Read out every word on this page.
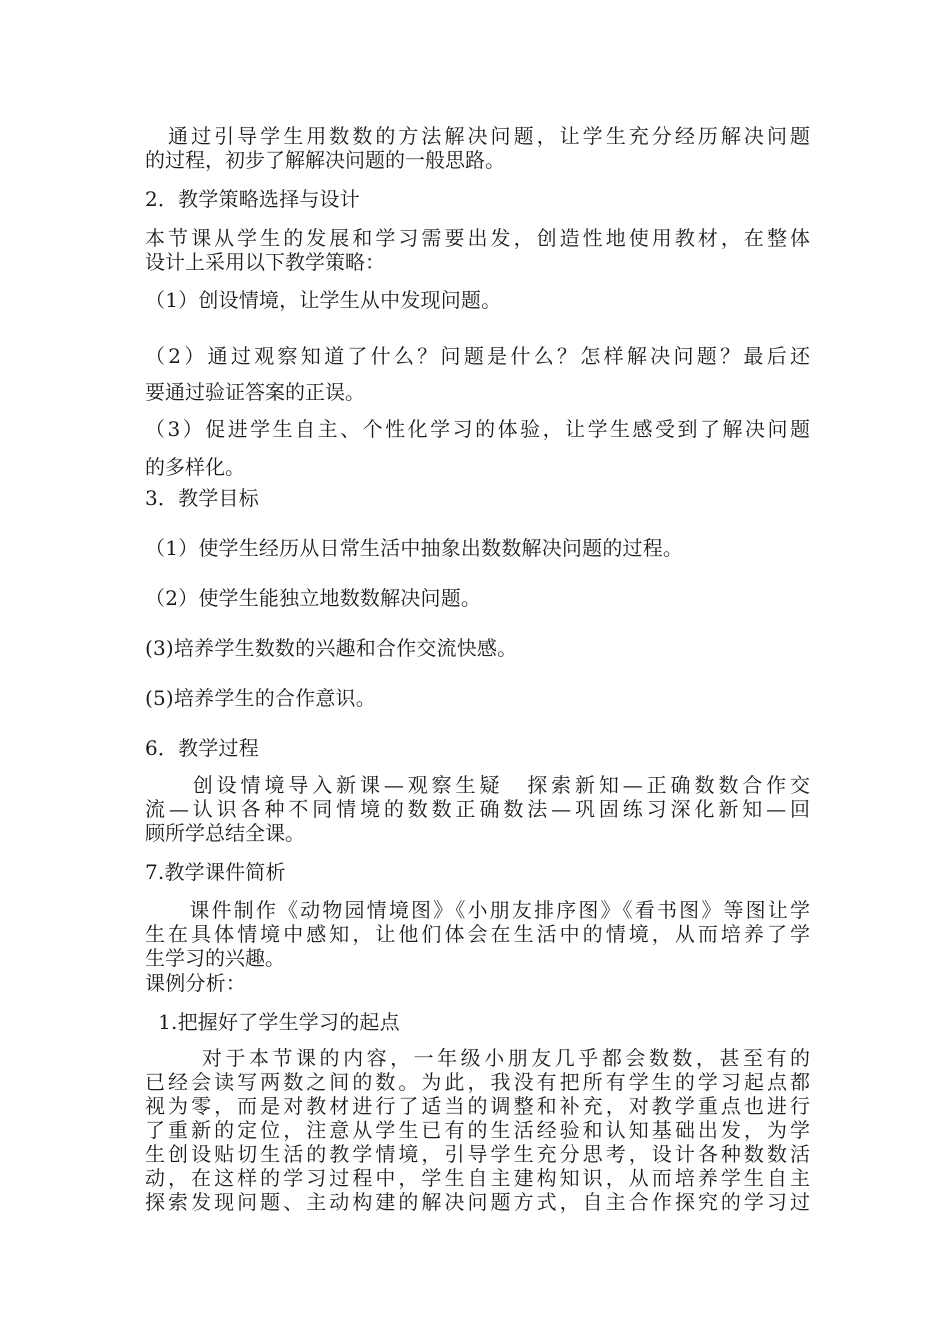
　通过引导学生用数数的方法解决问题，让学生充分经历解决问题
的过程，初步了解解决问题的一般思路。
2．教学策略选择与设计
本节课从学生的发展和学习需要出发，创造性地使用教材，在整体
设计上采用以下教学策略：
（1）创设情境，让学生从中发现问题。
（2）通过观察知道了什么？问题是什么？怎样解决问题？最后还
要通过验证答案的正误。
（3）促进学生自主、个性化学习的体验，让学生感受到了解决问题
的多样化。
3．教学目标
（1）使学生经历从日常生活中抽象出数数解决问题的过程。
（2）使学生能独立地数数解决问题。
(3)培养学生数数的兴趣和合作交流快感。
(5)培养学生的合作意识。
6．教学过程
　　创设情境导入新课—观察生疑　探索新知—正确数数合作交
流—认识各种不同情境的数数正确数法—巩固练习深化新知—回
顾所学总结全课。
7.教学课件简析
　　课件制作《动物园情境图》《小朋友排序图》《看书图》等图让学
生在具体情境中感知，让他们体会在生活中的情境，从而培养了学
生学习的兴趣。
课例分析：
1.把握好了学生学习的起点
　　 对于本节课的内容，一年级小朋友几乎都会数数，甚至有的
已经会读写两数之间的数。为此，我没有把所有学生的学习起点都
视为零，而是对教材进行了适当的调整和补充，对教学重点也进行
了重新的定位，注意从学生已有的生活经验和认知基础出发，为学
生创设贴切生活的教学情境，引导学生充分思考，设计各种数数活
动，在这样的学习过程中，学生自主建构知识，从而培养学生自主
探索发现问题、主动构建的解决问题方式，自主合作探究的学习过
